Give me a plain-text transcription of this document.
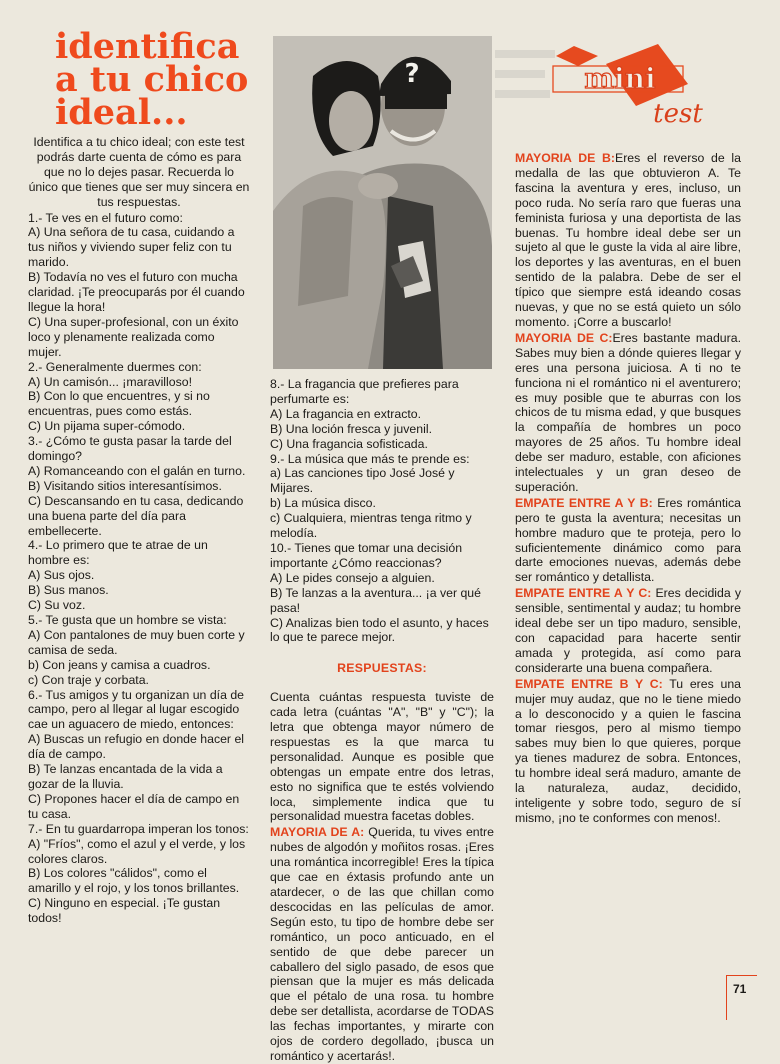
identifica
a tu chico
ideal...
?	mini
test

Identifica a tu chico ideal; con este test podrás darte cuenta de cómo es para que no lo dejes pasar. Recuerda lo único que tienes que ser muy sincera en tus respuestas.

1.- Te ves en el futuro como:

A) Una señora de tu casa, cuidando a tus niños y viviendo super feliz con tu marido.

B) Todavía no ves el futuro con mucha claridad. ¡Te preocuparás por él cuando llegue la hora!

C) Una super-profesional, con un éxito loco y plenamente realizada como mujer.

2.- Generalmente duermes con:

A) Un camisón... ¡maravilloso!

B) Con lo que encuentres, y si no encuentras, pues como estás.

C) Un pijama super-cómodo.

3.- ¿Cómo te gusta pasar la tarde del domingo?

A) Romanceando con el galán en turno.

B) Visitando sitios interesantísimos.

C) Descansando en tu casa, dedicando una buena parte del día para embellecerte.

4.- Lo primero que te atrae de un hombre es:

A) Sus ojos.

B) Sus manos.

C) Su voz.

5.- Te gusta que un hombre se vista:

A) Con pantalones de muy buen corte y camisa de seda.

b) Con jeans y camisa a cuadros.

c) Con traje y corbata.

6.- Tus amigos y tu organizan un día de campo, pero al llegar al lugar escogido cae un aguacero de miedo, entonces:

A) Buscas un refugio en donde hacer el día de campo.

B) Te lanzas encantada de la vida a gozar de la lluvia.

C) Propones hacer el día de campo en tu casa.

7.- En tu guardarropa imperan los tonos:

A) "Fríos", como el azul y el verde, y los colores claros.

B) Los colores "cálidos", como el amarillo y el rojo, y los tonos brillantes.

C) Ninguno en especial. ¡Te gustan todos!

8.- La fragancia que prefieres para perfumarte es:

A) La fragancia en extracto.

B) Una loción fresca y juvenil.

C) Una fragancia sofisticada.

9.- La música que más te prende es:

a) Las canciones tipo José José y Mijares.

b) La música disco.

c) Cualquiera, mientras tenga ritmo y melodía.

10.- Tienes que tomar una decisión importante ¿Cómo reaccionas?

A) Le pides consejo a alguien.

B) Te lanzas a la aventura... ¡a ver qué pasa!

C) Analizas bien todo el asunto, y haces lo que te parece mejor.

RESPUESTAS:

Cuenta cuántas respuesta tuviste de cada letra (cuántas "A", "B" y "C"); la letra que obtenga mayor número de respuestas es la que marca tu personalidad. Aunque es posible que obtengas un empate entre dos letras, esto no significa que te estés volviendo loca, simplemente indica que tu personalidad muestra facetas dobles.

MAYORIA DE A: Querida, tu vives entre nubes de algodón y moñitos rosas. ¡Eres una romántica incorregible! Eres la típica que cae en éxtasis profundo ante un atardecer, o de las que chillan como descocidas en las películas de amor. Según esto, tu tipo de hombre debe ser romántico, un poco anticuado, en el sentido de que debe parecer un caballero del siglo pasado, de esos que piensan que la mujer es más delicada que el pétalo de una rosa. tu hombre debe ser detallista, acordarse de TODAS las fechas importantes, y mirarte con ojos de cordero degollado, ¡busca un romántico y acertarás!.

MAYORIA DE B:Eres el reverso de la medalla de las que obtuvieron A. Te fascina la aventura y eres, incluso, un poco ruda. No sería raro que fueras una feminista furiosa y una deportista de las buenas. Tu hombre ideal debe ser un sujeto al que le guste la vida al aire libre, los deportes y las aventuras, en el buen sentido de la palabra. Debe de ser el típico que siempre está ideando cosas nuevas, y que no se está quieto un sólo momento. ¡Corre a buscarlo!

MAYORIA DE C:Eres bastante madura. Sabes muy bien a dónde quieres llegar y eres una persona juiciosa. A ti no te funciona ni el romántico ni el aventurero; es muy posible que te aburras con los chicos de tu misma edad, y que busques la compañía de hombres un poco mayores de 25 años. Tu hombre ideal debe ser maduro, estable, con aficiones intelectuales y un gran deseo de superación.

EMPATE ENTRE A Y B: Eres romántica pero te gusta la aventura; necesitas un hombre maduro que te proteja, pero lo suficientemente dinámico como para darte emociones nuevas, además debe ser romántico y detallista.

EMPATE ENTRE A Y C: Eres decidida y sensible, sentimental y audaz; tu hombre ideal debe ser un tipo maduro, sensible, con capacidad para hacerte sentir amada y protegida, así como para considerarte una buena compañera.

EMPATE ENTRE B Y C: Tu eres una mujer muy audaz, que no le tiene miedo a lo desconocido y a quien le fascina tomar riesgos, pero al mismo tiempo sabes muy bien lo que quieres, porque ya tienes madurez de sobra. Entonces, tu hombre ideal será maduro, amante de la naturaleza, audaz, decidido, inteligente y sobre todo, seguro de sí mismo, ¡no te conformes con menos!.

71
